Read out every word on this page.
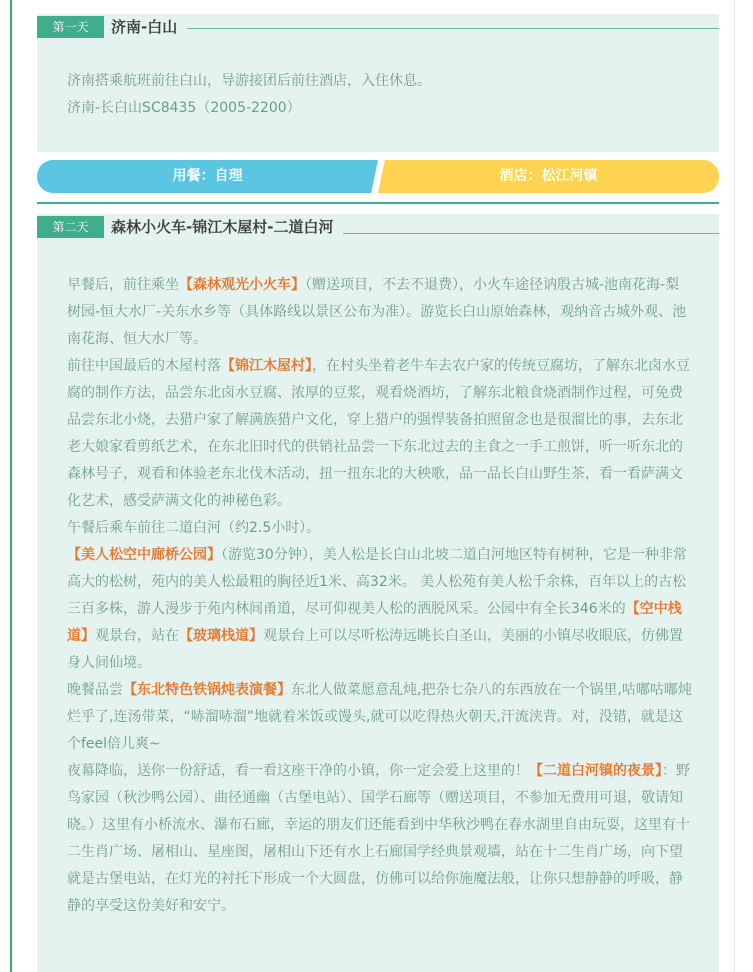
第一天	济南-白山

济南搭乘航班前往白山，导游接团后前往酒店，入住休息。

济南-长白山SC8435（2005-2200）

用餐：自理	酒店：松江河镇
第二天	森林小火车-锦江木屋村-二道白河

早餐后，前往乘坐【森林观光小火车】（赠送项目，不去不退费），小火车途径讷殷古城-池南花海-梨树园-恒大水厂-关东水乡等（具体路线以景区公布为准）。游览长白山原始森林，观纳音古城外观、池南花海、恒大水厂等。

前往中国最后的木屋村落【锦江木屋村】，在村头坐着老牛车去农户家的传统豆腐坊，了解东北卤水豆腐的制作方法，品尝东北卤水豆腐、浓厚的豆浆，观看烧酒坊，了解东北粮食烧酒制作过程，可免费品尝东北小烧，去猎户家了解满族猎户文化，穿上猎户的强悍装备拍照留念也是很溜比的事，去东北老大娘家看剪纸艺术，在东北旧时代的供销社品尝一下东北过去的主食之一手工煎饼，听一听东北的森林号子，观看和体验老东北伐木活动，扭一扭东北的大秧歌，品一品长白山野生茶，看一看萨满文化艺术，感受萨满文化的神秘色彩。

午餐后乘车前往二道白河（约2.5小时）。

【美人松空中廊桥公园】（游览30分钟），美人松是长白山北坡二道白河地区特有树种，它是一种非常高大的松树，苑内的美人松最粗的胸径近1米、高32米。 美人松苑有美人松千余株，百年以上的古松三百多株，游人漫步于苑内林间甬道，尽可仰视美人松的洒脱风采。公园中有全长346米的【空中栈道】观景台，站在【玻璃栈道】观景台上可以尽听松涛远眺长白圣山，美丽的小镇尽收眼底，仿佛置身人间仙境。

晚餐品尝【东北特色铁锅炖表演餐】东北人做菜愿意乱炖,把杂七杂八的东西放在一个锅里,咕嘟咕嘟炖烂乎了,连汤带菜，“哧溜哧溜”地就着米饭或馒头,就可以吃得热火朝天,汗流浃背。对，没错，就是这个feel倍儿爽~

夜幕降临，送你一份舒适，看一看这座干净的小镇，你一定会爱上这里的！【二道白河镇的夜景】：野鸟家园（秋沙鸭公园）、曲径通幽（古堡电站）、国学石廊等（赠送项目，不参加无费用可退，敬请知晓。）这里有小桥流水、瀑布石廊，幸运的朋友们还能看到中华秋沙鸭在春水湖里自由玩耍，这里有十二生肖广场、屠相山、星座图，屠相山下还有水上石廊国学经典景观墙，站在十二生肖广场，向下望就是古堡电站，在灯光的衬托下形成一个大圆盘，仿佛可以给你施魔法般，让你只想静静的呼吸，静静的享受这份美好和安宁。
